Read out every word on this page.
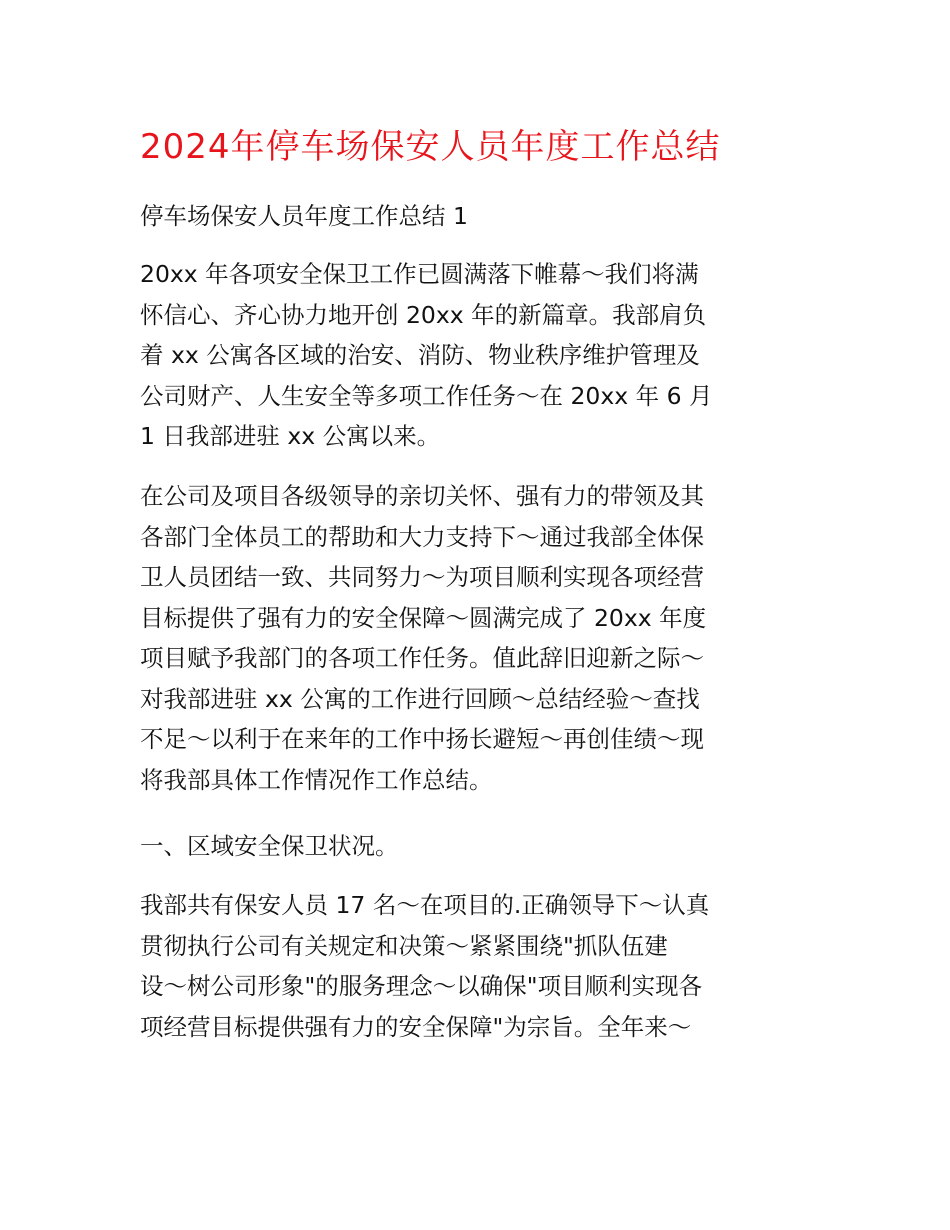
2024年停车场保安人员年度工作总结

停车场保安人员年度工作总结 1

20xx 年各项安全保卫工作已圆满落下帷幕～我们将满
怀信心、齐心协力地开创 20xx 年的新篇章。我部肩负
着 xx 公寓各区域的治安、消防、物业秩序维护管理及
公司财产、人生安全等多项工作任务～在 20xx 年 6 月
1 日我部进驻 xx 公寓以来。

在公司及项目各级领导的亲切关怀、强有力的带领及其
各部门全体员工的帮助和大力支持下～通过我部全体保
卫人员团结一致、共同努力～为项目顺利实现各项经营
目标提供了强有力的安全保障～圆满完成了 20xx 年度
项目赋予我部门的各项工作任务。值此辞旧迎新之际～
对我部进驻 xx 公寓的工作进行回顾～总结经验～查找
不足～以利于在来年的工作中扬长避短～再创佳绩～现
将我部具体工作情况作工作总结。

一、区域安全保卫状况。

我部共有保安人员 17 名～在项目的.正确领导下～认真
贯彻执行公司有关规定和决策～紧紧围绕"抓队伍建
设～树公司形象"的服务理念～以确保"项目顺利实现各
项经营目标提供强有力的安全保障"为宗旨。全年来～
